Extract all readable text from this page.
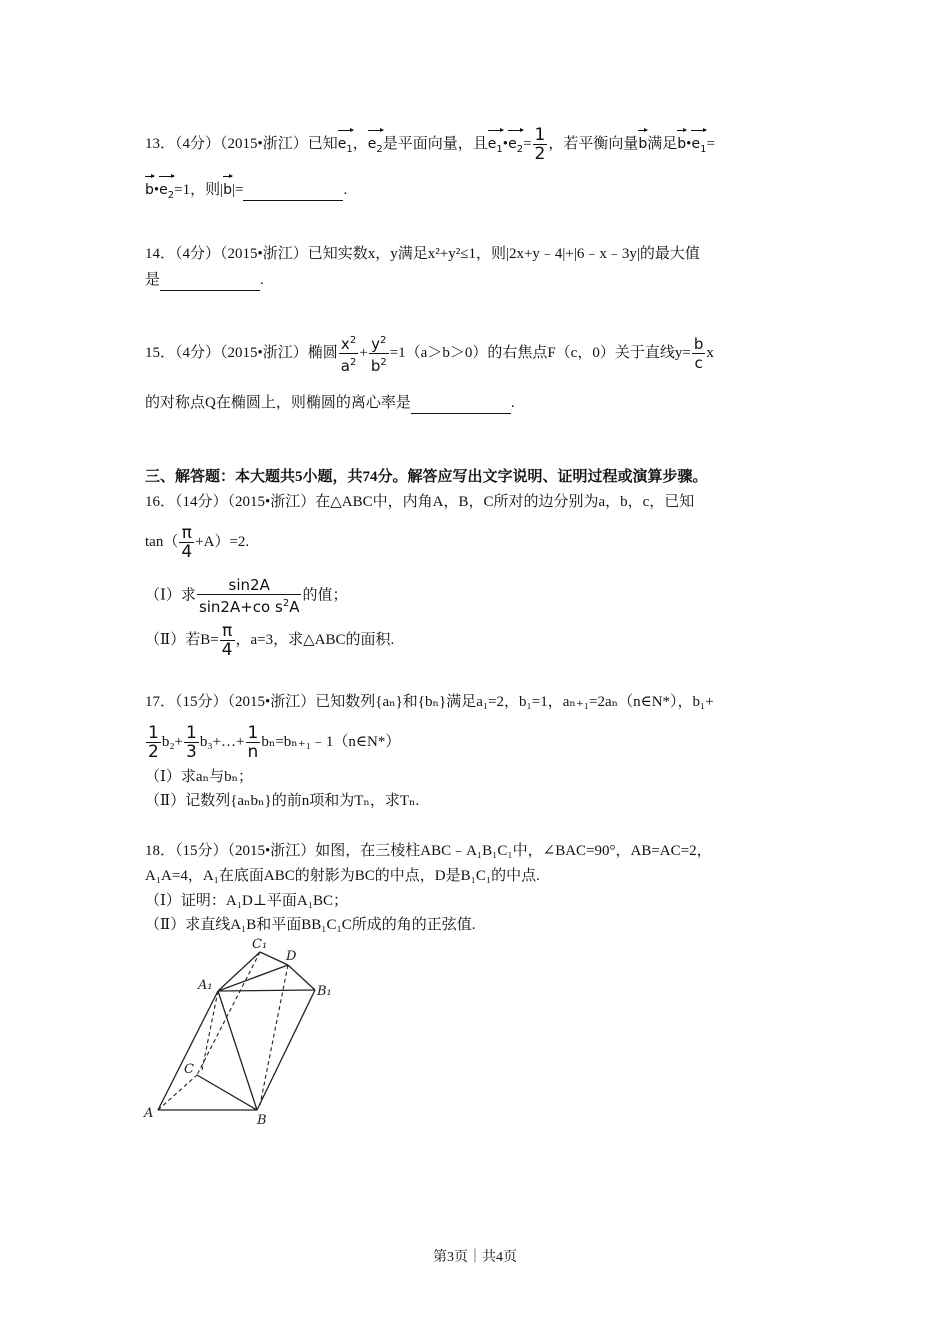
13．（4分）（2015•浙江）已知$e_1$，$e_2$是平面向量，且$e_1•e_2= \frac{1}{2}$ ，若平衡向量b满足$b•e_1=$
$b•e_2=1$，则|b|=	.
14．（4分）（2015•浙江）已知实数x，y满足x²+y²≤1，则|2x+y﹣4|+|6﹣x﹣3y|的最大值
是	.
15．（4分）（2015•浙江）椭圆 $\frac{x^2}{a^2} + \frac{y^2}{b^2} =1(a>b>0)$的右焦点F（c，0）关于直线$y= \frac{b}{c}$ x
的对称点Q在椭圆上，则椭圆的离心率是	.
三、解答题：本大题共5小题，共74分。解答应写出文字说明、证明过程或演算步骤。
16．（14分）（2015•浙江）在△ABC中，内角A，B，C所对的边分别为a，b，c，已知
$\tan( \frac{\pi}{4} +A)=2$.
（Ⅰ）求 $\frac{\sin 2A}{\sin 2A+co s^2A}$ 的值；
（Ⅱ）若$B= \frac{\pi}{4}$ ，a=3，求△ABC的面积.
17．（15分）（2015•浙江）已知数列{aₙ}和{bₙ}满足a₁=2，b₁=1，aₙ₊₁=2aₙ（n∈N*），b₁+
$\frac{1}{2} b_2+ \frac{1}{3}$ b₃+…+ $\frac{1}{n}$ bₙ=bₙ₊₁﹣1（n∈N*）
（Ⅰ）求aₙ与bₙ；
（Ⅱ）记数列{aₙbₙ}的前n项和为Tₙ，求Tₙ.
18．（15分）（2015•浙江）如图，在三棱柱ABC﹣A₁B₁C₁中，∠BAC=90°，AB=AC=2，
A₁A=4，A₁在底面ABC的射影为BC的中点，D是B₁C₁的中点.
（Ⅰ）证明：A₁D⊥平面A₁BC；
（Ⅱ）求直线A₁B和平面BB₁C₁C所成的角的正弦值.
C₁
D
A₁	B₁
C
A	B
第3页｜共4页
